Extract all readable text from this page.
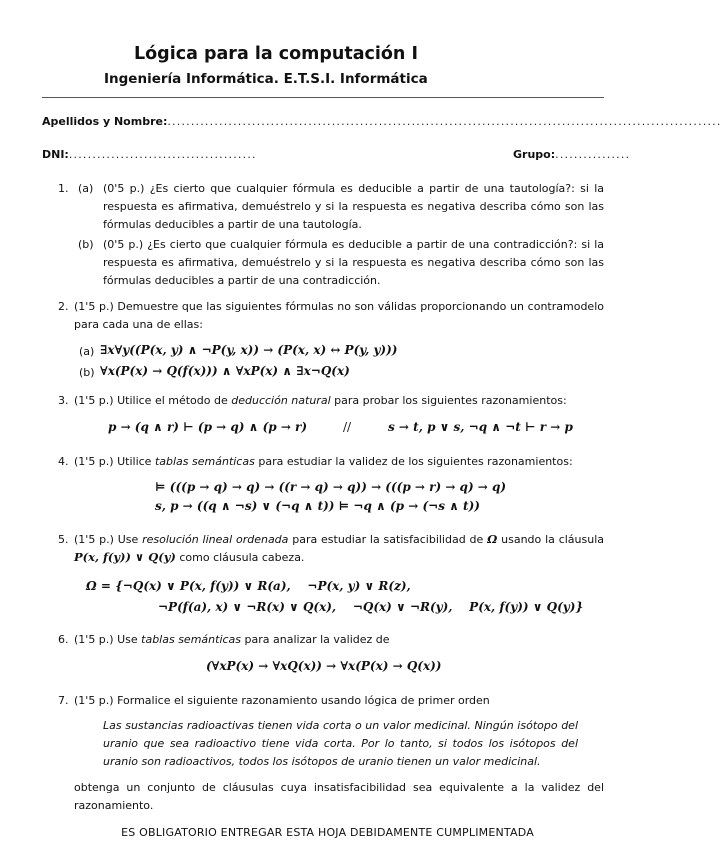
Lógica para la computación I
Ingeniería Informática. E.T.S.I. Informática
Apellidos y Nombre:......................................................................................................................
DNI:........................................	Grupo:................
1. (a) (0'5 p.) ¿Es cierto que cualquier fórmula es deducible a partir de una tautología?: si la respuesta es afirmativa, demuéstrelo y si la respuesta es negativa describa cómo son las fórmulas deducibles a partir de una tautología.
(b) (0'5 p.) ¿Es cierto que cualquier fórmula es deducible a partir de una contradicción?: si la respuesta es afirmativa, demuéstrelo y si la respuesta es negativa describa cómo son las fórmulas deducibles a partir de una contradicción.
2. (1'5 p.) Demuestre que las siguientes fórmulas no son válidas proporcionando un contramodelo para cada una de ellas:
(a) ∃x∀y((P(x, y) ∧ ¬P(y, x)) → (P(x, x) ↔ P(y, y)))
(b) ∀x(P(x) → Q(f(x))) ∧ ∀xP(x) ∧ ∃x¬Q(x)
3. (1'5 p.) Utilice el método de deducción natural para probar los siguientes razonamientos:
p → (q ∧ r) ⊢ (p → q) ∧ (p → r)	//	s → t, p ∨ s, ¬q ∧ ¬t ⊢ r → p
4. (1'5 p.) Utilice tablas semánticas para estudiar la validez de los siguientes razonamientos:
⊨ (((p → q) → q) → ((r → q) → q)) → (((p → r) → q) → q)
s, p → ((q ∧ ¬s) ∨ (¬q ∧ t)) ⊨ ¬q ∧ (p → (¬s ∧ t))
5. (1'5 p.) Use resolución lineal ordenada para estudiar la satisfacibilidad de Ω usando la cláusula P(x, f(y)) ∨ Q(y) como cláusula cabeza.
Ω = {¬Q(x) ∨ P(x, f(y)) ∨ R(a),    ¬P(x, y) ∨ R(z),
¬P(f(a), x) ∨ ¬R(x) ∨ Q(x),    ¬Q(x) ∨ ¬R(y),    P(x, f(y)) ∨ Q(y)}
6. (1'5 p.) Use tablas semánticas para analizar la validez de
(∀xP(x) → ∀xQ(x)) → ∀x(P(x) → Q(x))
7. (1'5 p.) Formalice el siguiente razonamiento usando lógica de primer orden
Las sustancias radioactivas tienen vida corta o un valor medicinal. Ningún isótopo del uranio que sea radioactivo tiene vida corta. Por lo tanto, si todos los isótopos del uranio son radioactivos, todos los isótopos de uranio tienen un valor medicinal.
obtenga un conjunto de cláusulas cuya insatisfacibilidad sea equivalente a la validez del razonamiento.
ES OBLIGATORIO ENTREGAR ESTA HOJA DEBIDAMENTE CUMPLIMENTADA
